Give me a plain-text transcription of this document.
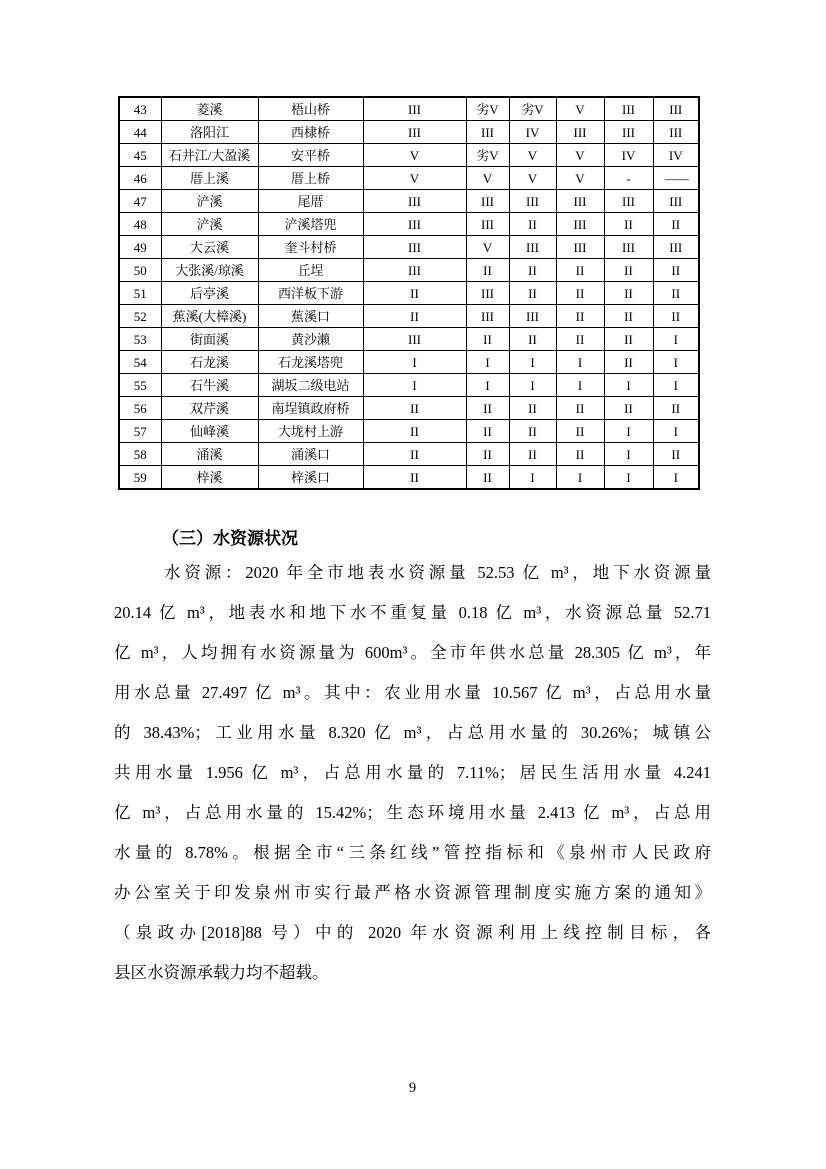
43	菱溪	梧山桥	III	劣V	劣V	V	III	III
44	洛阳江	西棣桥	III	III	IV	III	III	III
45	石井江/大盈溪	安平桥	V	劣V	V	V	IV	IV
46	厝上溪	厝上桥	V	V	V	V	-	——
47	浐溪	尾厝	III	III	III	III	III	III
48	浐溪	浐溪塔兜	III	III	II	III	II	II
49	大云溪	奎斗村桥	III	V	III	III	III	III
50	大张溪/琼溪	丘埕	III	II	II	II	II	II
51	后亭溪	西洋板下游	II	III	II	II	II	II
52	蕉溪(大樟溪)	蕉溪口	II	III	III	II	II	II
53	街面溪	黄沙濑	III	II	II	II	II	I
54	石龙溪	石龙溪塔兜	I	I	I	I	II	I
55	石牛溪	湖坂二级电站	I	I	I	I	I	I
56	双芹溪	南埕镇政府桥	II	II	II	II	II	II
57	仙峰溪	大垅村上游	II	II	II	II	I	I
58	涌溪	涌溪口	II	II	II	II	I	II
59	梓溪	梓溪口	II	II	I	I	I	I
（三）水资源状况
水资源：2020 年全市地表水资源量 52.53 亿 m³，地下水资源量
20.14 亿 m³，地表水和地下水不重复量 0.18 亿 m³，水资源总量 52.71
亿 m³，人均拥有水资源量为 600m³。全市年供水总量 28.305 亿 m³，年
用水总量 27.497 亿 m³。其中：农业用水量 10.567 亿 m³，占总用水量
的 38.43%；工业用水量 8.320 亿 m³，占总用水量的 30.26%；城镇公
共用水量 1.956 亿 m³，占总用水量的 7.11%；居民生活用水量 4.241
亿 m³，占总用水量的 15.42%；生态环境用水量 2.413 亿 m³，占总用
水量的 8.78%。根据全市“三条红线”管控指标和《泉州市人民政府
办公室关于印发泉州市实行最严格水资源管理制度实施方案的通知》
（泉政办[2018]88 号）中的 2020 年水资源利用上线控制目标，各
县区水资源承载力均不超载。
9
